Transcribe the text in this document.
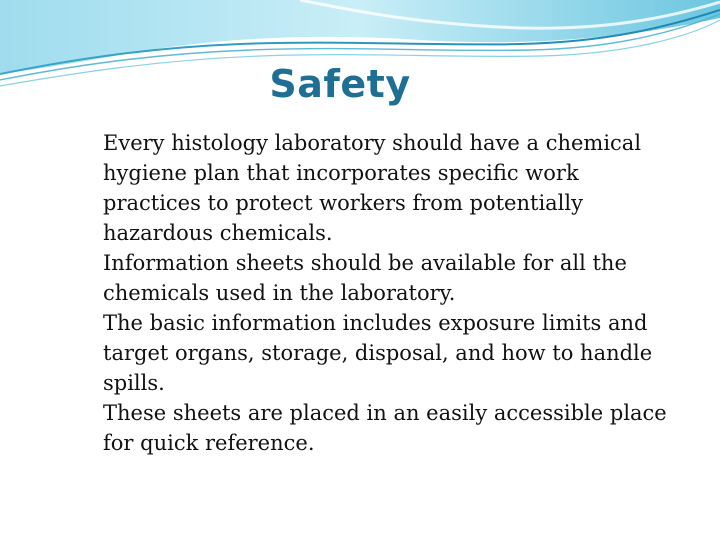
Safety
Every histology laboratory should have a chemical hygiene plan that incorporates specific work practices to protect workers from potentially hazardous chemicals.
Information sheets should be available for all the chemicals used in the laboratory.
The basic information includes exposure limits and target organs, storage, disposal, and how to handle spills.
These sheets are placed in an easily accessible place for quick reference.
